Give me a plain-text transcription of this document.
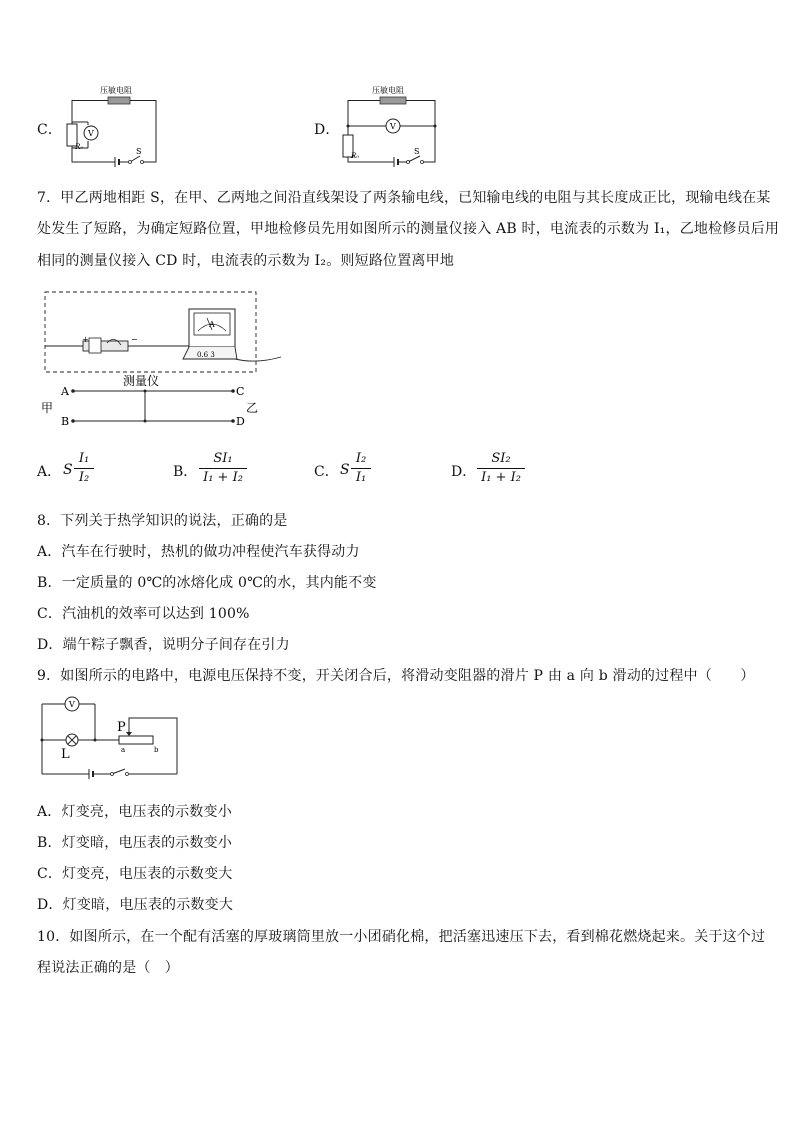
C．
压敏电阻
R₀
V
S
D．
压敏电阻
V
R₀	S
7．甲乙两地相距 S，在甲、乙两地之间沿直线架设了两条输电线，已知输电线的电阻与其长度成正比，现输电线在某
处发生了短路，为确定短路位置，甲地检修员先用如图所示的测量仪接入 AB 时，电流表的示数为 I₁，乙地检修员后用
相同的测量仪接入 CD 时，电流表的示数为 I₂。则短路位置离甲地
+	−
A
0.6 3
测量仪
A
B
C
D
甲	乙
A． S
I₁
I₂	B．
SI₁
I₁ + I₂	C． S
I₂
I₁	D．
SI₂
I₁ + I₂
8．下列关于热学知识的说法，正确的是
A．汽车在行驶时，热机的做功冲程使汽车获得动力
B．一定质量的 0℃的冰熔化成 0℃的水，其内能不变
C．汽油机的效率可以达到 100%
D．端午粽子飘香，说明分子间存在引力
9．如图所示的电路中，电源电压保持不变，开关闭合后，将滑动变阻器的滑片 P 由 a 向 b 滑动的过程中（　　）
V
L	a	b
P
A．灯变亮，电压表的示数变小
B．灯变暗，电压表的示数变小
C．灯变亮，电压表的示数变大
D．灯变暗，电压表的示数变大
10．如图所示，在一个配有活塞的厚玻璃筒里放一小团硝化棉，把活塞迅速压下去，看到棉花燃烧起来。关于这个过
程说法正确的是（　）
